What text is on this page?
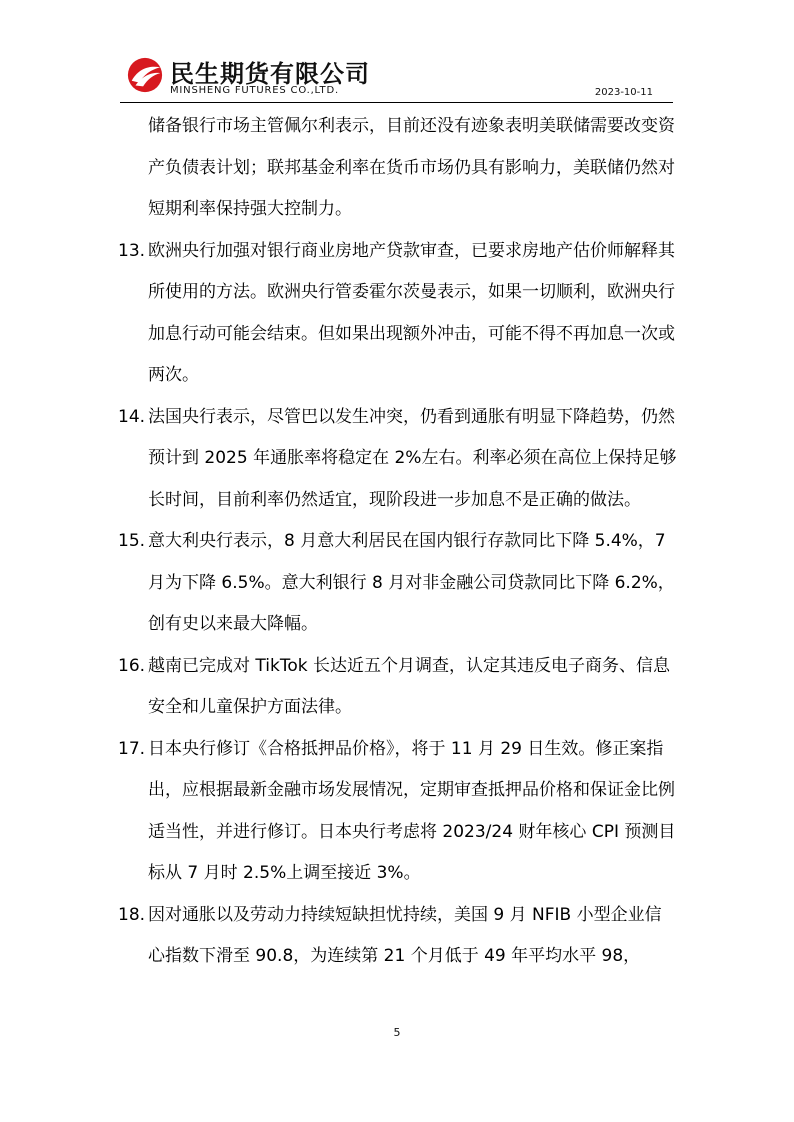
民生期货有限公司
MINSHENG FUTURES CO.,LTD.	2023-10-11
储备银行市场主管佩尔利表示，目前还没有迹象表明美联储需要改变资产负债表计划；联邦基金利率在货币市场仍具有影响力，美联储仍然对短期利率保持强大控制力。
13. 欧洲央行加强对银行商业房地产贷款审查，已要求房地产估价师解释其所使用的方法。欧洲央行管委霍尔茨曼表示，如果一切顺利，欧洲央行加息行动可能会结束。但如果出现额外冲击，可能不得不再加息一次或两次。
14. 法国央行表示，尽管巴以发生冲突，仍看到通胀有明显下降趋势，仍然预计到 2025 年通胀率将稳定在 2%左右。利率必须在高位上保持足够长时间，目前利率仍然适宜，现阶段进一步加息不是正确的做法。
15. 意大利央行表示，8 月意大利居民在国内银行存款同比下降 5.4%，7 月为下降 6.5%。意大利银行 8 月对非金融公司贷款同比下降 6.2%，创有史以来最大降幅。
16. 越南已完成对 TikTok 长达近五个月调查，认定其违反电子商务、信息安全和儿童保护方面法律。
17. 日本央行修订《合格抵押品价格》，将于 11 月 29 日生效。修正案指出，应根据最新金融市场发展情况，定期审查抵押品价格和保证金比例适当性，并进行修订。日本央行考虑将 2023/24 财年核心 CPI 预测目标从 7 月时 2.5%上调至接近 3%。
18. 因对通胀以及劳动力持续短缺担忧持续，美国 9 月 NFIB 小型企业信心指数下滑至 90.8，为连续第 21 个月低于 49 年平均水平 98，
5
